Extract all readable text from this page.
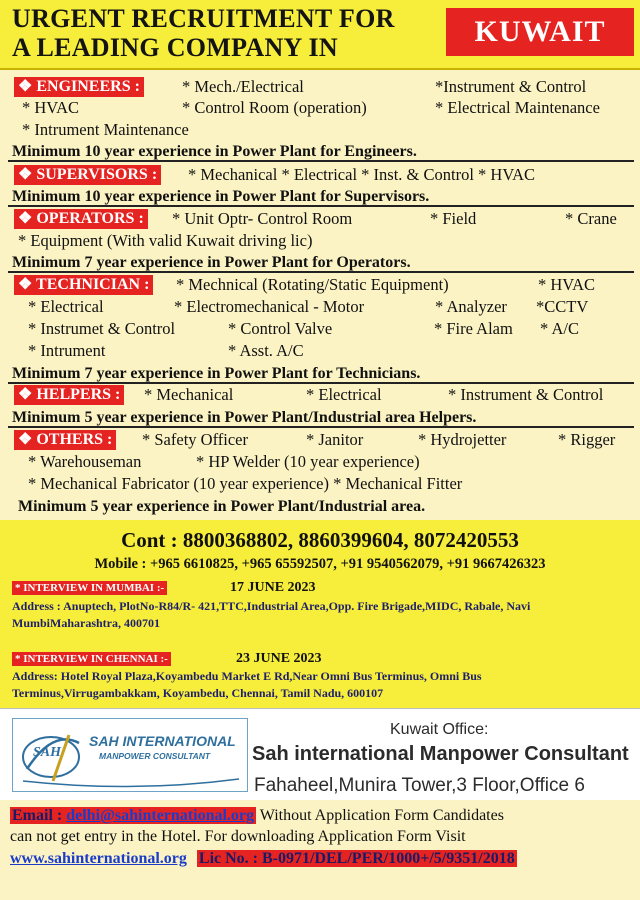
URGENT RECRUITMENT FOR
A LEADING COMPANY IN	KUWAIT
❖ ENGINEERS :	* Mech./Electrical	*Instrument & Control
* HVAC	* Control Room (operation)	* Electrical Maintenance
* Intrument Maintenance
Minimum 10 year experience in Power Plant for Engineers.
❖ SUPERVISORS : * Mechanical * Electrical * Inst. & Control * HVAC
Minimum 10 year experience in Power Plant for Supervisors.
❖ OPERATORS : * Unit Optr- Control Room	* Field	* Crane
* Equipment (With valid Kuwait driving lic)
Minimum 7 year experience in Power Plant for Operators.
❖ TECHNICIAN : * Mechnical (Rotating/Static Equipment)	* HVAC
* Electrical	* Electromechanical - Motor	* Analyzer *CCTV
* Instrumet & Control	* Control Valve	* Fire Alam * A/C
* Intrument	* Asst. A/C
Minimum 7 year experience in Power Plant for Technicians.
❖ HELPERS : * Mechanical	* Electrical	* Instrument & Control
Minimum 5 year experience in Power Plant/Industrial area Helpers.
❖ OTHERS : * Safety Officer	* Janitor	* Hydrojetter	* Rigger
* Warehouseman	* HP Welder (10 year experience)
* Mechanical Fabricator (10 year experience) * Mechanical Fitter
Minimum 5 year experience in Power Plant/Industrial area.
Cont : 8800368802, 8860399604, 8072420553
Mobile : +965 6610825, +965 65592507, +91 9540562079, +91 9667426323
* INTERVIEW IN MUMBAI :-	17 JUNE 2023
Address : Anuptech, PlotNo-R84/R- 421,TTC,Industrial Area,Opp. Fire Brigade,MIDC, Rabale, Navi MumbiMaharashtra, 400701
* INTERVIEW IN CHENNAI :-	23 JUNE 2023
Address: Hotel Royal Plaza,Koyambedu Market E Rd,Near Omni Bus Terminus, Omni Bus Terminus,Virrugambakkam, Koyambedu, Chennai, Tamil Nadu, 600107
SAH
SAH INTERNATIONAL
MANPOWER CONSULTANT
Kuwait Office:
Sah international Manpower Consultant
Fahaheel,Munira Tower,3 Floor,Office 6
Email : delhi@sahinternational.org Without Application Form Candidates
can not get entry in the Hotel. For downloading Application Form Visit
www.sahinternational.org Lic No. : B-0971/DEL/PER/1000+/5/9351/2018
